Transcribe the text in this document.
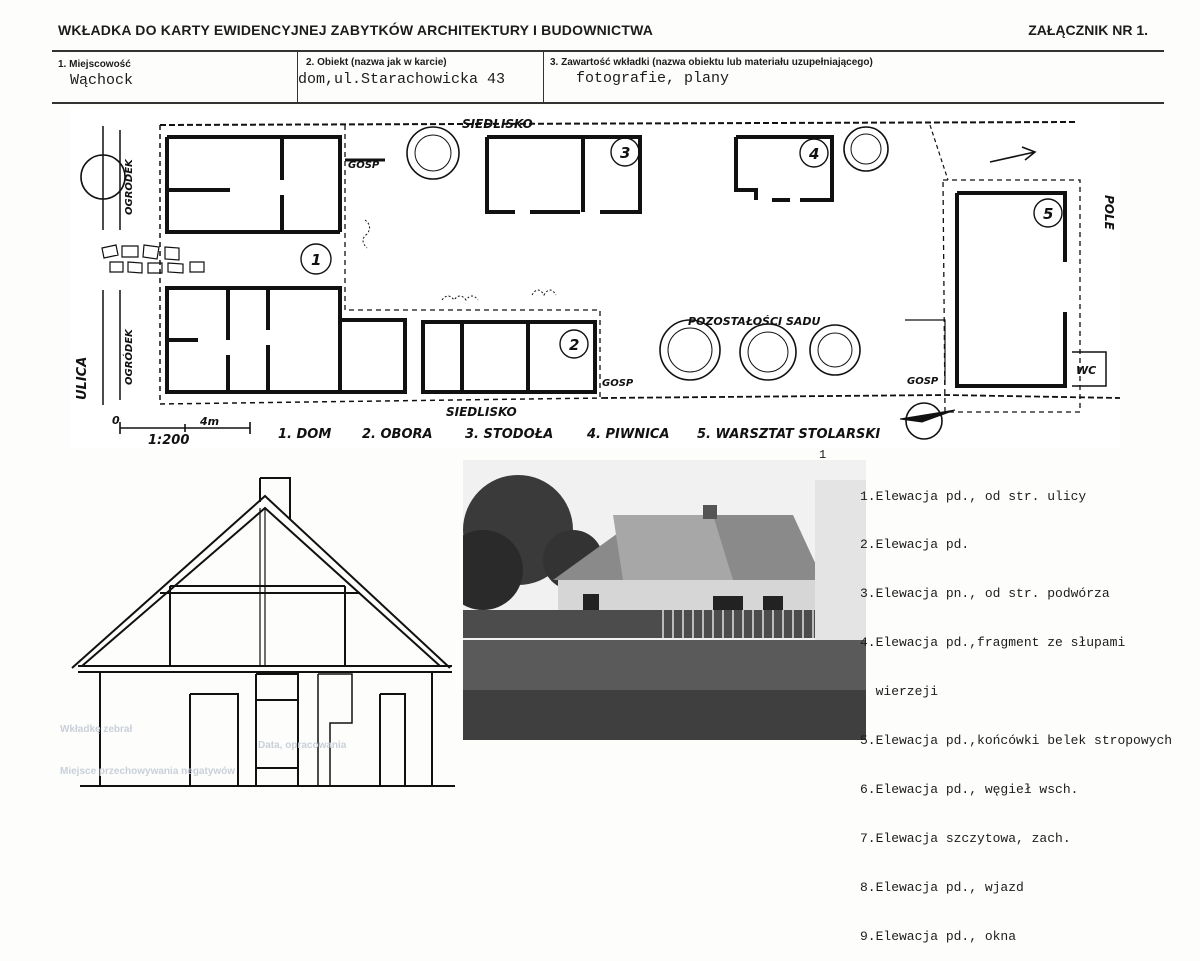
WKŁADKA DO KARTY EWIDENCYJNEJ ZABYTKÓW ARCHITEKTURY I BUDOWNICTWA	ZAŁĄCZNIK NR 1.
1. Miejscowość
Wąchock
2. Obiekt (nazwa jak w karcie)
dom,ul.Starachowicka 43
3. Zawartość wkładki (nazwa obiektu lub materiału uzupełniającego)
fotografie, plany
SIEDLISKO
SIEDLISKO
ULICA
POLE
OGRÓDEK
OGRÓDEK
POZOSTAŁOŚCI SADU
GOSP
GOSP	GOSP
WC
1
2
3	4
5
0	4m
1:200	1. DOM 2. OBORA 3. STODOŁA	4. PIWNICA 5. WARSZTAT STOLARSKI
1

1.Elewacja pd., od str. ulicy

2.Elewacja pd.

3.Elewacja pn., od str. podwórza

4.Elewacja pd.,fragment ze słupami

wierzeji

5.Elewacja pd.,końcówki belek stropowych

6.Elewacja pd., węgieł wsch.

7.Elewacja szczytowa, zach.

8.Elewacja pd., wjazd

9.Elewacja pd., okna

Wkładkę zebrał
Data, opracowania
Miejsce przechowywania negatywów
